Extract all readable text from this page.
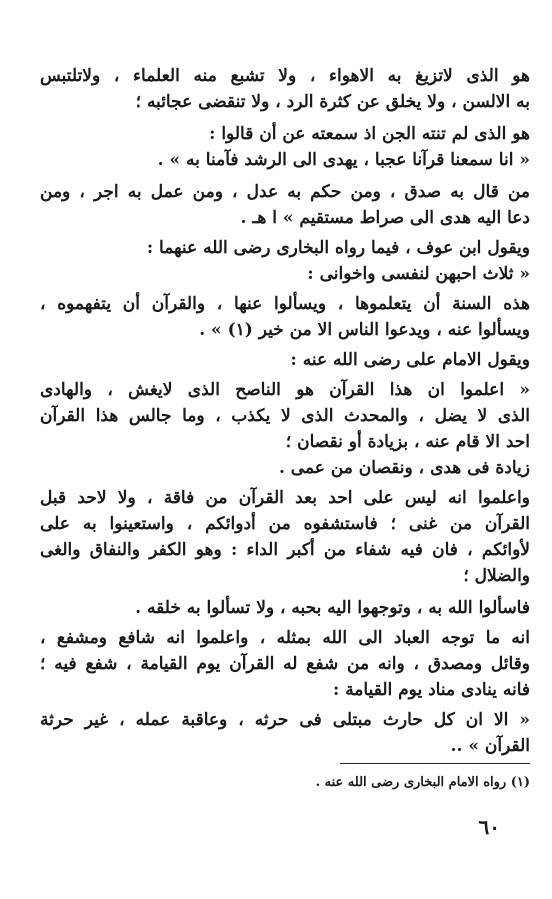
هو الذى لاتزيغ به الاهواء ، ولا تشبع منه العلماء ، ولاتلتبس
به الالسن ، ولا يخلق عن كثرة الرد ، ولا تنقضى عجائبه ؛
هو الذى لم تنته الجن اذ سمعته عن أن قالوا :
« انا سمعنا قرآنا عجبا ، يهدى الى الرشد فآمنا به » .
من قال به صدق ، ومن حكم به عدل ، ومن عمل به اجر ، ومن
دعا اليه هدى الى صراط مستقيم » ا هـ .
ويقول ابن عوف ، فيما رواه البخارى رضى الله عنهما :
« ثلاث احبهن لنفسى واخوانى :
هذه السنة أن يتعلموها ، ويسألوا عنها ، والقرآن أن يتفهموه ،
ويسألوا عنه ، ويدعوا الناس الا من خير (١) » .
ويقول الامام على رضى الله عنه :
« اعلموا ان هذا القرآن هو الناصح الذى لايغش ، والهادى
الذى لا يضل ، والمحدث الذى لا يكذب ، وما جالس هذا القرآن
احد الا قام عنه ، بزيادة أو نقصان ؛
زيادة فى هدى ، ونقصان من عمى .
واعلموا انه ليس على احد بعد القرآن من فاقة ، ولا لاحد قبل
القرآن من غنى ؛ فاستشفوه من أدوائكم ، واستعينوا به على
لأوائكم ، فان فيه شفاء من أكبر الداء : وهو الكفر والنفاق والغى
والضلال ؛
فاسألوا الله به ، وتوجهوا اليه بحبه ، ولا تسألوا به خلقه .
انه ما توجه العباد الى الله بمثله ، واعلموا انه شافع ومشفع ،
وقائل ومصدق ، وانه من شفع له القرآن يوم القيامة ، شفع فيه ؛
فانه ينادى مناد يوم القيامة :
« الا ان كل حارث مبتلى فى حرثه ، وعاقبة عمله ، غير حرثة
القرآن » ..
(١) رواه الامام البخارى رضى الله عنه .
٦٠
